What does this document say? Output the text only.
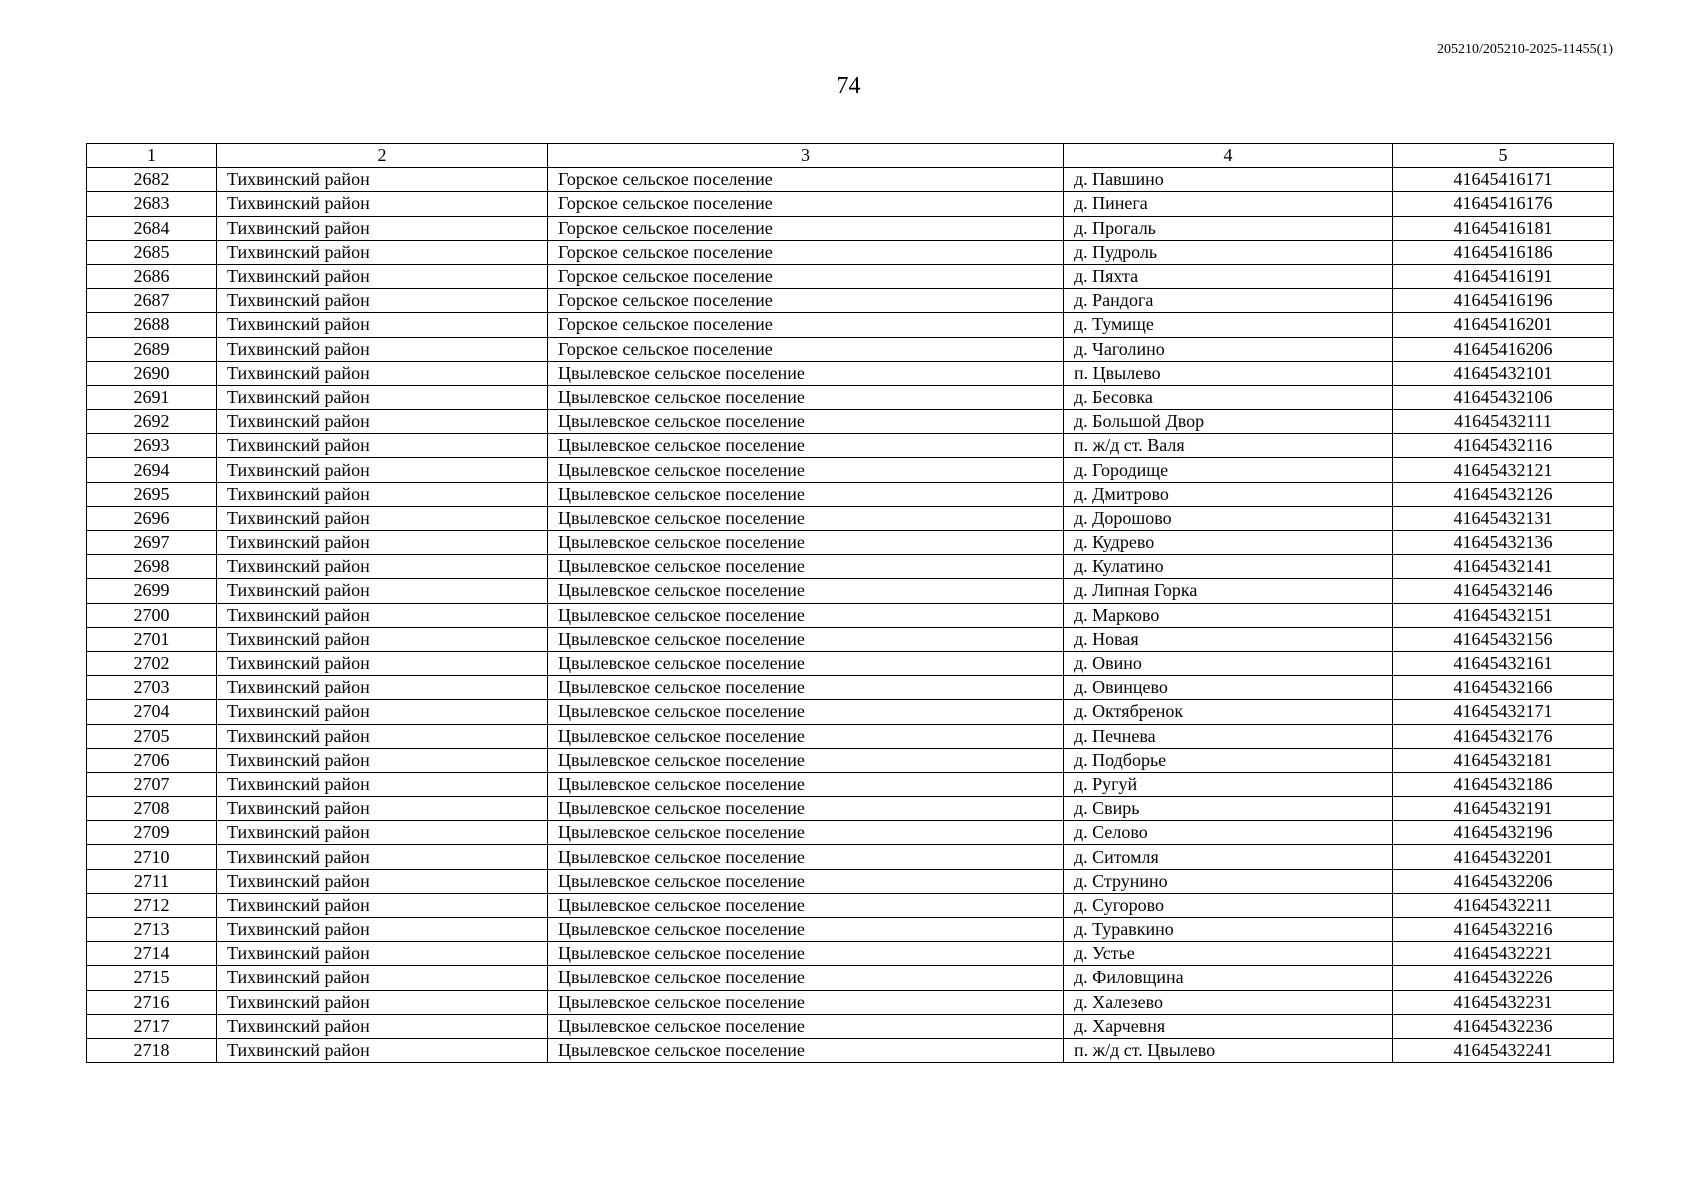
205210/205210-2025-11455(1)
74
1	2	3	4	5
2682	Тихвинский район	Горское сельское поселение	д. Павшино	41645416171
2683	Тихвинский район	Горское сельское поселение	д. Пинега	41645416176
2684	Тихвинский район	Горское сельское поселение	д. Прогаль	41645416181
2685	Тихвинский район	Горское сельское поселение	д. Пудроль	41645416186
2686	Тихвинский район	Горское сельское поселение	д. Пяхта	41645416191
2687	Тихвинский район	Горское сельское поселение	д. Рандога	41645416196
2688	Тихвинский район	Горское сельское поселение	д. Тумище	41645416201
2689	Тихвинский район	Горское сельское поселение	д. Чаголино	41645416206
2690	Тихвинский район	Цвылевское сельское поселение	п. Цвылево	41645432101
2691	Тихвинский район	Цвылевское сельское поселение	д. Бесовка	41645432106
2692	Тихвинский район	Цвылевское сельское поселение	д. Большой Двор	41645432111
2693	Тихвинский район	Цвылевское сельское поселение	п. ж/д ст. Валя	41645432116
2694	Тихвинский район	Цвылевское сельское поселение	д. Городище	41645432121
2695	Тихвинский район	Цвылевское сельское поселение	д. Дмитрово	41645432126
2696	Тихвинский район	Цвылевское сельское поселение	д. Дорошово	41645432131
2697	Тихвинский район	Цвылевское сельское поселение	д. Кудрево	41645432136
2698	Тихвинский район	Цвылевское сельское поселение	д. Кулатино	41645432141
2699	Тихвинский район	Цвылевское сельское поселение	д. Липная Горка	41645432146
2700	Тихвинский район	Цвылевское сельское поселение	д. Марково	41645432151
2701	Тихвинский район	Цвылевское сельское поселение	д. Новая	41645432156
2702	Тихвинский район	Цвылевское сельское поселение	д. Овино	41645432161
2703	Тихвинский район	Цвылевское сельское поселение	д. Овинцево	41645432166
2704	Тихвинский район	Цвылевское сельское поселение	д. Октябренок	41645432171
2705	Тихвинский район	Цвылевское сельское поселение	д. Печнева	41645432176
2706	Тихвинский район	Цвылевское сельское поселение	д. Подборье	41645432181
2707	Тихвинский район	Цвылевское сельское поселение	д. Ругуй	41645432186
2708	Тихвинский район	Цвылевское сельское поселение	д. Свирь	41645432191
2709	Тихвинский район	Цвылевское сельское поселение	д. Селово	41645432196
2710	Тихвинский район	Цвылевское сельское поселение	д. Ситомля	41645432201
2711	Тихвинский район	Цвылевское сельское поселение	д. Струнино	41645432206
2712	Тихвинский район	Цвылевское сельское поселение	д. Сугорово	41645432211
2713	Тихвинский район	Цвылевское сельское поселение	д. Туравкино	41645432216
2714	Тихвинский район	Цвылевское сельское поселение	д. Устье	41645432221
2715	Тихвинский район	Цвылевское сельское поселение	д. Филовщина	41645432226
2716	Тихвинский район	Цвылевское сельское поселение	д. Халезево	41645432231
2717	Тихвинский район	Цвылевское сельское поселение	д. Харчевня	41645432236
2718	Тихвинский район	Цвылевское сельское поселение	п. ж/д ст. Цвылево	41645432241
